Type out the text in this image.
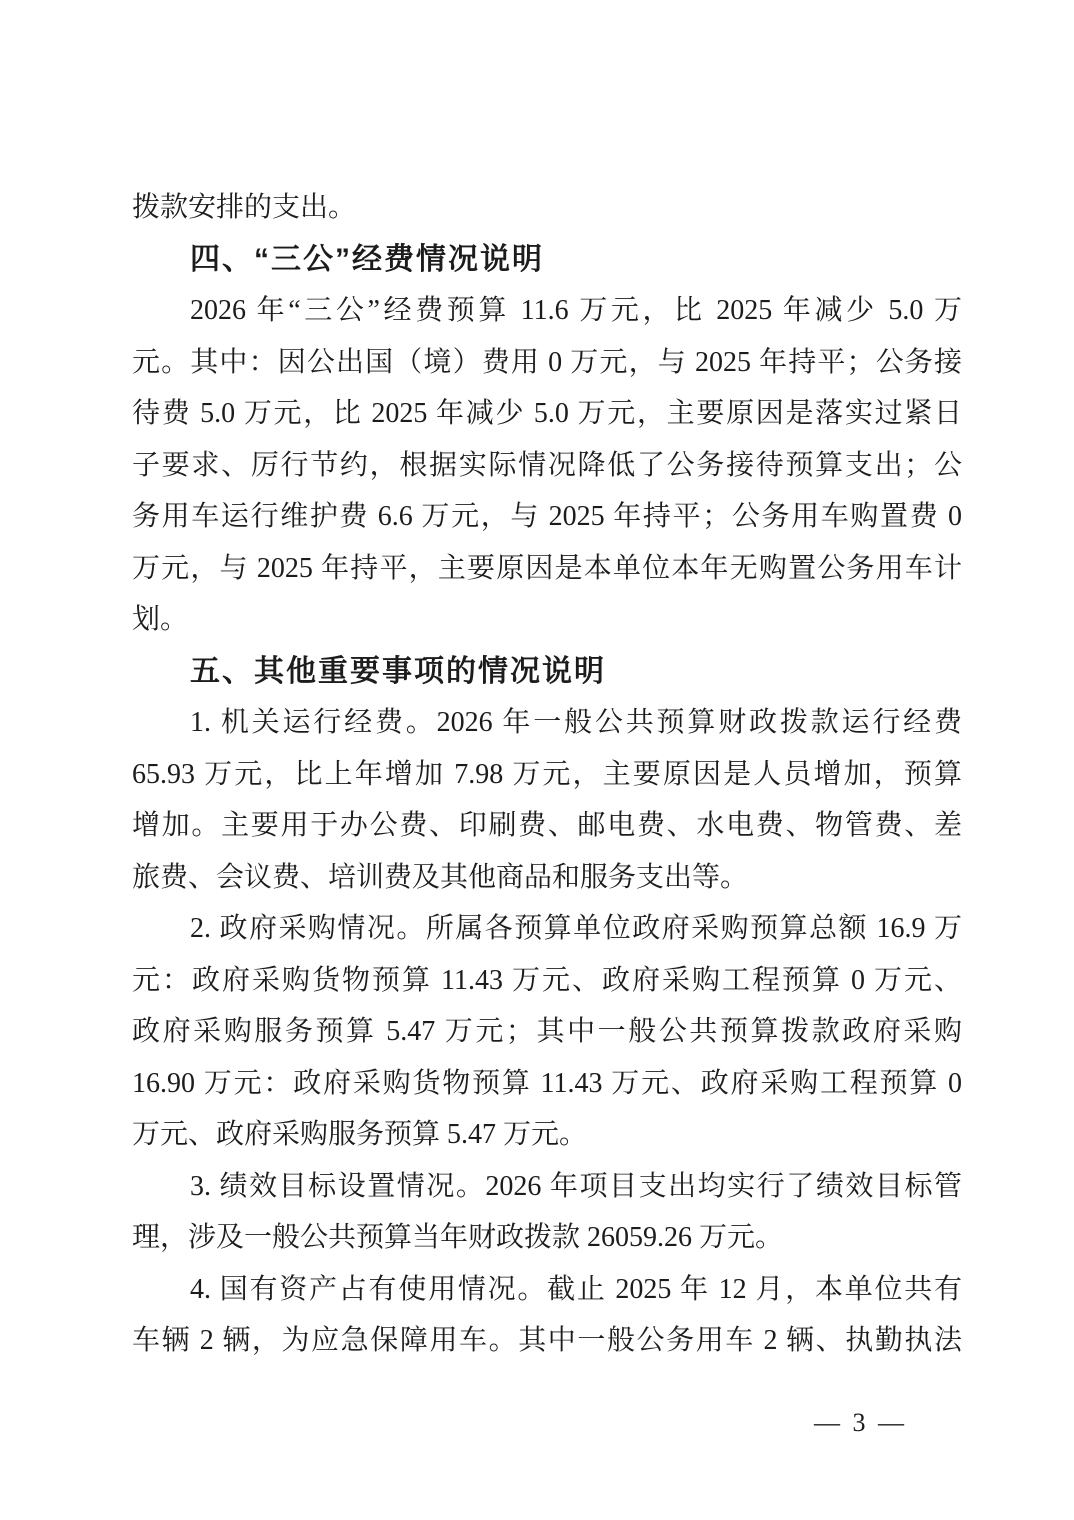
拨款安排的支出。
四、“三公”经费情况说明
2026 年“三公”经费预算 11.6 万元，比 2025 年减少 5.0 万
元。其中：因公出国（境）费用 0 万元，与 2025 年持平；公务接
待费 5.0 万元，比 2025 年减少 5.0 万元，主要原因是落实过紧日
子要求、厉行节约，根据实际情况降低了公务接待预算支出；公
务用车运行维护费 6.6 万元，与 2025 年持平；公务用车购置费 0
万元，与 2025 年持平，主要原因是本单位本年无购置公务用车计
划。
五、其他重要事项的情况说明
1. 机关运行经费。2026 年一般公共预算财政拨款运行经费
65.93 万元，比上年增加 7.98 万元，主要原因是人员增加，预算
增加。主要用于办公费、印刷费、邮电费、水电费、物管费、差
旅费、会议费、培训费及其他商品和服务支出等。
2. 政府采购情况。所属各预算单位政府采购预算总额 16.9 万
元：政府采购货物预算 11.43 万元、政府采购工程预算 0 万元、
政府采购服务预算 5.47 万元；其中一般公共预算拨款政府采购
16.90 万元：政府采购货物预算 11.43 万元、政府采购工程预算 0
万元、政府采购服务预算 5.47 万元。
3. 绩效目标设置情况。2026 年项目支出均实行了绩效目标管
理，涉及一般公共预算当年财政拨款 26059.26 万元。
4. 国有资产占有使用情况。截止 2025 年 12 月，本单位共有
车辆 2 辆，为应急保障用车。其中一般公务用车 2 辆、执勤执法
— 3 —
